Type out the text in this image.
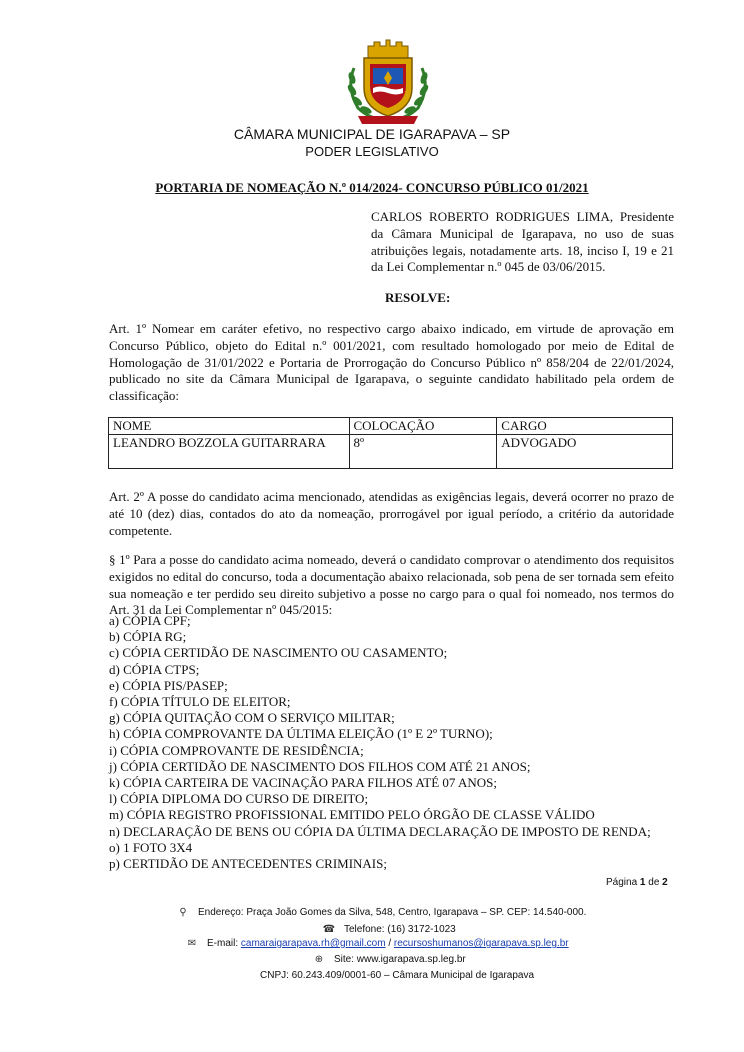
CÂMARA MUNICIPAL DE IGARAPAVA – SP
PODER LEGISLATIVO
PORTARIA DE NOMEAÇÃO N.º 014/2024- CONCURSO PÚBLICO 01/2021
CARLOS ROBERTO RODRIGUES LIMA, Presidente da Câmara Municipal de Igarapava, no uso de suas atribuições legais, notadamente arts. 18, inciso I, 19 e 21 da Lei Complementar n.º 045 de 03/06/2015.
RESOLVE:
Art. 1º Nomear em caráter efetivo, no respectivo cargo abaixo indicado, em virtude de aprovação em Concurso Público, objeto do Edital n.º 001/2021, com resultado homologado por meio de Edital de Homologação de 31/01/2022 e Portaria de Prorrogação do Concurso Público nº 858/204 de 22/01/2024, publicado no site da Câmara Municipal de Igarapava, o seguinte candidato habilitado pela ordem de classificação:
NOME	COLOCAÇÃO	CARGO
LEANDRO BOZZOLA GUITARRARA	8º	ADVOGADO
Art. 2º A posse do candidato acima mencionado, atendidas as exigências legais, deverá ocorrer no prazo de até 10 (dez) dias, contados do ato da nomeação, prorrogável por igual período, a critério da autoridade competente.
§ 1º Para a posse do candidato acima nomeado, deverá o candidato comprovar o atendimento dos requisitos exigidos no edital do concurso, toda a documentação abaixo relacionada, sob pena de ser tornada sem efeito sua nomeação e ter perdido seu direito subjetivo a posse no cargo para o qual foi nomeado, nos termos do Art. 31 da Lei Complementar nº 045/2015:
a) CÓPIA CPF;
b) CÓPIA RG;
c) CÓPIA CERTIDÃO DE NASCIMENTO OU CASAMENTO;
d) CÓPIA CTPS;
e) CÓPIA PIS/PASEP;
f) CÓPIA TÍTULO DE ELEITOR;
g) CÓPIA QUITAÇÃO COM O SERVIÇO MILITAR;
h) CÓPIA COMPROVANTE DA ÚLTIMA ELEIÇÃO (1º E 2º TURNO);
i) CÓPIA COMPROVANTE DE RESIDÊNCIA;
j) CÓPIA CERTIDÃO DE NASCIMENTO DOS FILHOS COM ATÉ 21 ANOS;
k) CÓPIA CARTEIRA DE VACINAÇÃO PARA FILHOS ATÉ 07 ANOS;
l) CÓPIA DIPLOMA DO CURSO DE DIREITO;
m) CÓPIA REGISTRO PROFISSIONAL EMITIDO PELO ÓRGÃO DE CLASSE VÁLIDO
n) DECLARAÇÃO DE BENS OU CÓPIA DA ÚLTIMA DECLARAÇÃO DE IMPOSTO DE RENDA;
o) 1 FOTO 3X4
p) CERTIDÃO DE ANTECEDENTES CRIMINAIS;
Página 1 de 2
⚲ Endereço: Praça João Gomes da Silva, 548, Centro, Igarapava – SP. CEP: 14.540-000.
☎ Telefone: (16) 3172-1023
✉ E-mail: camaraigarapava.rh@gmail.com / recursoshumanos@igarapava.sp.leg.br
⊕ Site: www.igarapava.sp.leg.br
CNPJ: 60.243.409/0001-60 – Câmara Municipal de Igarapava
